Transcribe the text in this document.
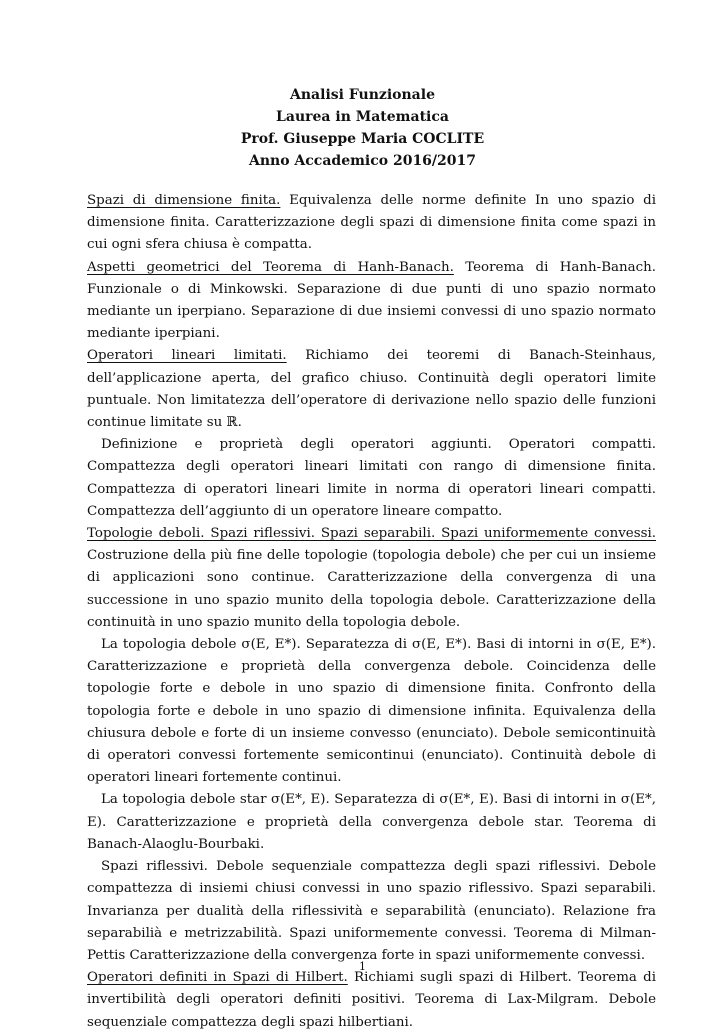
Analisi Funzionale
Laurea in Matematica
Prof. Giuseppe Maria COCLITE
Anno Accademico 2016/2017

Spazi di dimensione finita. Equivalenza delle norme definite In uno spazio di dimensione finita. Caratterizzazione degli spazi di dimensione finita come spazi in cui ogni sfera chiusa è compatta.

Aspetti geometrici del Teorema di Hanh-Banach. Teorema di Hanh-Banach. Funzionale o di Minkowski. Separazione di due punti di uno spazio normato mediante un iperpiano. Separazione di due insiemi convessi di uno spazio normato mediante iperpiani.

Operatori lineari limitati. Richiamo dei teoremi di Banach-Steinhaus, dell’applicazione aperta, del grafico chiuso. Continuità degli operatori limite puntuale. Non limitatezza dell’operatore di derivazione nello spazio delle funzioni continue limitate su ℝ.

Definizione e proprietà degli operatori aggiunti. Operatori compatti. Compattezza degli operatori lineari limitati con rango di dimensione finita. Compattezza di operatori lineari limite in norma di operatori lineari compatti. Compattezza dell’aggiunto di un operatore lineare compatto.

Topologie deboli. Spazi riflessivi. Spazi separabili. Spazi uniformemente convessi. Costruzione della più fine delle topologie (topologia debole) che per cui un insieme di applicazioni sono continue. Caratterizzazione della convergenza di una successione in uno spazio munito della topologia debole. Caratterizzazione della continuità in uno spazio munito della topologia debole.

La topologia debole σ(E, E*). Separatezza di σ(E, E*). Basi di intorni in σ(E, E*). Caratterizzazione e proprietà della convergenza debole. Coincidenza delle topologie forte e debole in uno spazio di dimensione finita. Confronto della topologia forte e debole in uno spazio di dimensione infinita. Equivalenza della chiusura debole e forte di un insieme convesso (enunciato). Debole semicontinuità di operatori convessi fortemente semicontinui (enunciato). Continuità debole di operatori lineari fortemente continui.

La topologia debole star σ(E*, E). Separatezza di σ(E*, E). Basi di intorni in σ(E*, E). Caratterizzazione e proprietà della convergenza debole star. Teorema di Banach-Alaoglu-Bourbaki.

Spazi riflessivi. Debole sequenziale compattezza degli spazi riflessivi. Debole compattezza di insiemi chiusi convessi in uno spazio riflessivo. Spazi separabili. Invarianza per dualità della riflessività e separabilità (enunciato). Relazione fra separabilià e metrizzabilità. Spazi uniformemente convessi. Teorema di Milman-Pettis Caratterizzazione della convergenza forte in spazi uniformemente convessi.

Operatori definiti in Spazi di Hilbert. Richiami sugli spazi di Hilbert. Teorema di invertibilità degli operatori definiti positivi. Teorema di Lax-Milgram. Debole sequenziale compattezza degli spazi hilbertiani.

1
